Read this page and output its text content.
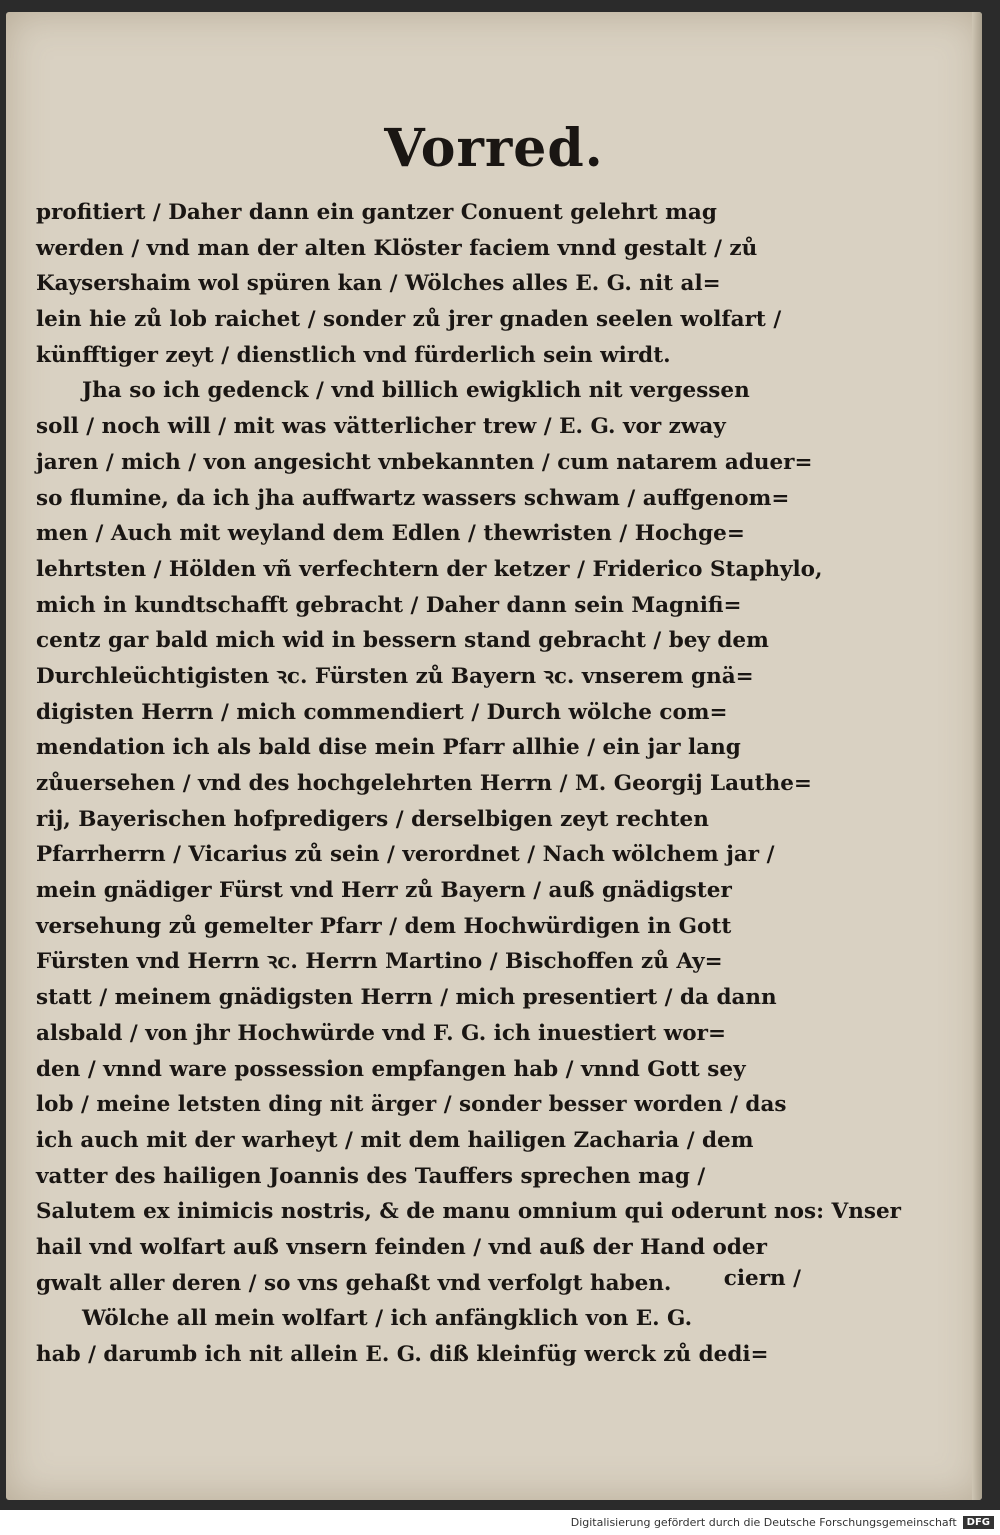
Vorred.
profitiert / Daher dann ein gantzer Conuent gelehrt mag
werden / vnd man der alten Klöster faciem vnnd gestalt / zů
Kaysershaim wol spüren kan / Wölches alles E. G. nit al=
lein hie zů lob raichet / sonder zů jrer gnaden seelen wolfart /
künfftiger zeyt / dienstlich vnd fürderlich sein wirdt.
Jha so ich gedenck / vnd billich ewigklich nit vergessen
soll / noch will / mit was vätterlicher trew / E. G. vor zway
jaren / mich / von angesicht vnbekannten / cum natarem aduer=
so flumine, da ich jha auffwartz wassers schwam / auffgenom=
men / Auch mit weyland dem Edlen / thewristen / Hochge=
lehrtsten / Hölden vñ verfechtern der ketzer / Friderico Staphylo,
mich in kundtschafft gebracht / Daher dann sein Magnifi=
centz gar bald mich wid in bessern stand gebracht / bey dem
Durchleüchtigisten ꝛc. Fürsten zů Bayern ꝛc. vnserem gnä=
digisten Herrn / mich commendiert / Durch wölche com=
mendation ich als bald dise mein Pfarr allhie / ein jar lang
zůuersehen / vnd des hochgelehrten Herrn / M. Georgij Lauthe=
rij, Bayerischen hofpredigers / derselbigen zeyt rechten
Pfarrherrn / Vicarius zů sein / verordnet / Nach wölchem jar /
mein gnädiger Fürst vnd Herr zů Bayern / auß gnädigster
versehung zů gemelter Pfarr / dem Hochwürdigen in Gott
Fürsten vnd Herrn ꝛc. Herrn Martino / Bischoffen zů Ay=
statt / meinem gnädigsten Herrn / mich presentiert / da dann
alsbald / von jhr Hochwürde vnd F. G. ich inuestiert wor=
den / vnnd ware possession empfangen hab / vnnd Gott sey
lob / meine letsten ding nit ärger / sonder besser worden / das
ich auch mit der warheyt / mit dem hailigen Zacharia / dem
vatter des hailigen Joannis des Tauffers sprechen mag /
Salutem ex inimicis nostris, & de manu omnium qui oderunt nos: Vnser
hail vnd wolfart auß vnsern feinden / vnd auß der Hand oder
gwalt aller deren / so vns gehaßt vnd verfolgt haben.
Wölche all mein wolfart / ich anfängklich von E. G.
hab / darumb ich nit allein E. G. diß kleinfüg werck zů dedi=
ciern /
Digitalisierung gefördert durch die Deutsche Forschungsgemeinschaft	DFG
